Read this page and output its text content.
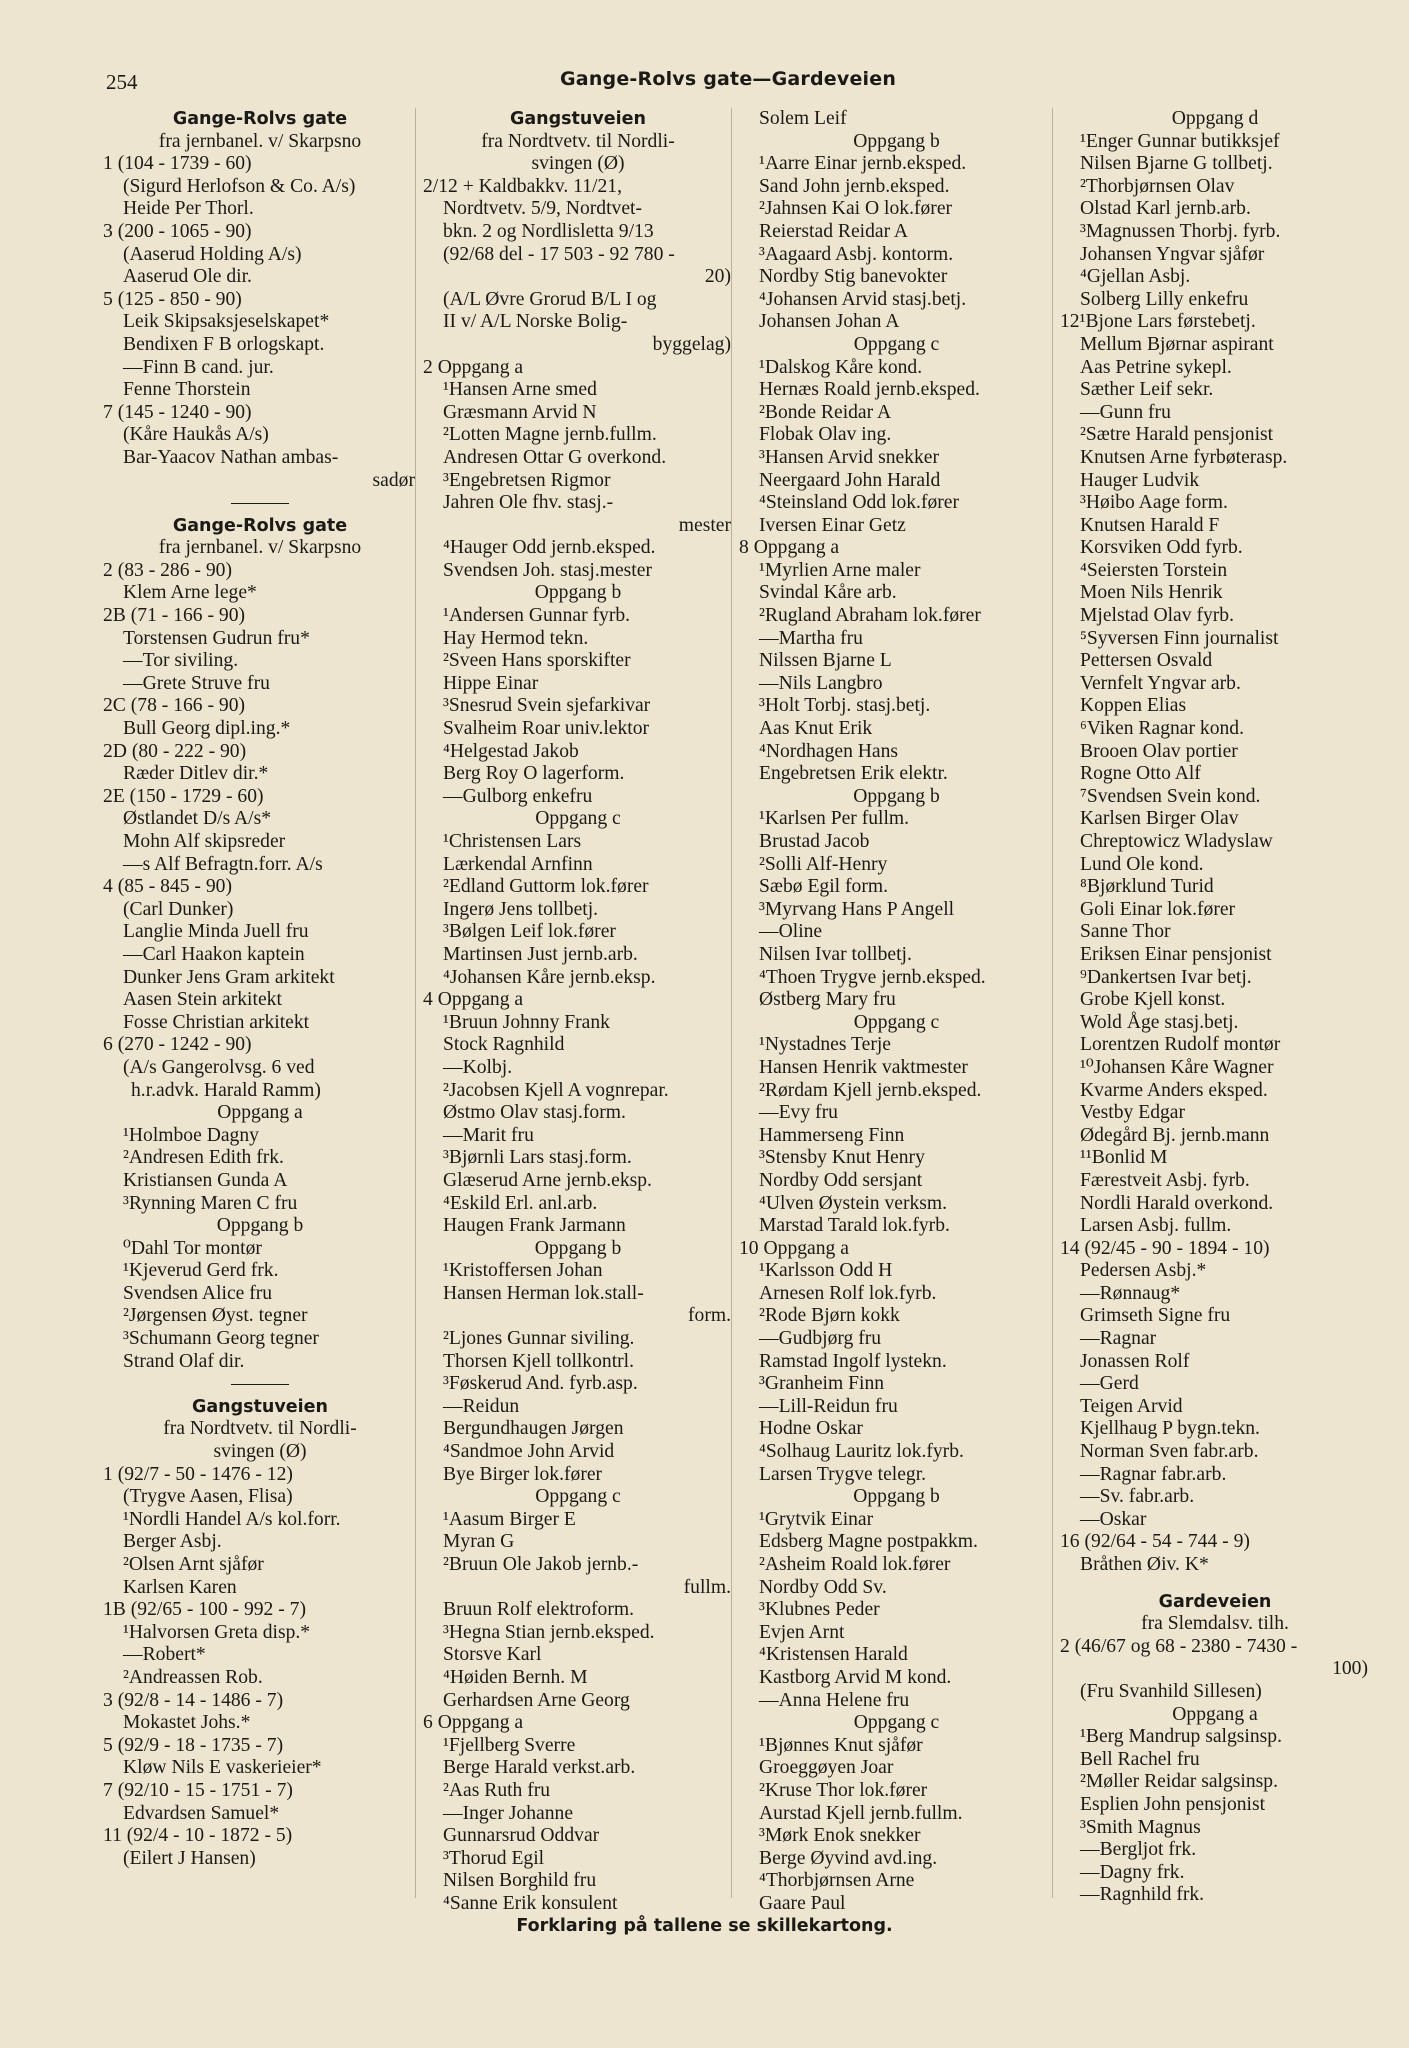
254	Gange-Rolvs gate—Gardeveien
Gange-Rolvs gate
fra jernbanel. v/ Skarpsno
1 (104 - 1739 - 60)
(Sigurd Herlofson & Co. A/s)
Heide Per Thorl.
3 (200 - 1065 - 90)
(Aaserud Holding A/s)
Aaserud Ole dir.
5 (125 - 850 - 90)
Leik Skipsaksjeselskapet*
Bendixen F B orlogskapt.
—Finn B cand. jur.
Fenne Thorstein
7 (145 - 1240 - 90)
(Kåre Haukås A/s)
Bar-Yaacov Nathan ambas-
sadør
Gange-Rolvs gate
fra jernbanel. v/ Skarpsno
2 (83 - 286 - 90)
Klem Arne lege*
2B (71 - 166 - 90)
Torstensen Gudrun fru*
—Tor siviling.
—Grete Struve fru
2C (78 - 166 - 90)
Bull Georg dipl.ing.*
2D (80 - 222 - 90)
Ræder Ditlev dir.*
2E (150 - 1729 - 60)
Østlandet D/s A/s*
Mohn Alf skipsreder
—s Alf Befragtn.forr. A/s
4 (85 - 845 - 90)
(Carl Dunker)
Langlie Minda Juell fru
—Carl Haakon kaptein
Dunker Jens Gram arkitekt
Aasen Stein arkitekt
Fosse Christian arkitekt
6 (270 - 1242 - 90)
(A/s Gangerolvsg. 6 ved
h.r.advk. Harald Ramm)
Oppgang a
¹Holmboe Dagny
²Andresen Edith frk.
Kristiansen Gunda A
³Rynning Maren C fru
Oppgang b
⁰Dahl Tor montør
¹Kjeverud Gerd frk.
Svendsen Alice fru
²Jørgensen Øyst. tegner
³Schumann Georg tegner
Strand Olaf dir.
Gangstuveien
fra Nordtvetv. til Nordli-
svingen (Ø)
1 (92/7 - 50 - 1476 - 12)
(Trygve Aasen, Flisa)
¹Nordli Handel A/s kol.forr.
Berger Asbj.
²Olsen Arnt sjåfør
Karlsen Karen
1B (92/65 - 100 - 992 - 7)
¹Halvorsen Greta disp.*
—Robert*
²Andreassen Rob.
3 (92/8 - 14 - 1486 - 7)
Mokastet Johs.*
5 (92/9 - 18 - 1735 - 7)
Kløw Nils E vaskerieier*
7 (92/10 - 15 - 1751 - 7)
Edvardsen Samuel*
11 (92/4 - 10 - 1872 - 5)
(Eilert J Hansen)
Gangstuveien
fra Nordtvetv. til Nordli-
svingen (Ø)
2/12 + Kaldbakkv. 11/21,
Nordtvetv. 5/9, Nordtvet-
bkn. 2 og Nordlisletta 9/13
(92/68 del - 17 503 - 92 780 -
20)
(A/L Øvre Grorud B/L I og
II v/ A/L Norske Bolig-
byggelag)
2 Oppgang a
¹Hansen Arne smed
Græsmann Arvid N
²Lotten Magne jernb.fullm.
Andresen Ottar G overkond.
³Engebretsen Rigmor
Jahren Ole fhv. stasj.-
mester
⁴Hauger Odd jernb.eksped.
Svendsen Joh. stasj.mester
Oppgang b
¹Andersen Gunnar fyrb.
Hay Hermod tekn.
²Sveen Hans sporskifter
Hippe Einar
³Snesrud Svein sjefarkivar
Svalheim Roar univ.lektor
⁴Helgestad Jakob
Berg Roy O lagerform.
—Gulborg enkefru
Oppgang c
¹Christensen Lars
Lærkendal Arnfinn
²Edland Guttorm lok.fører
Ingerø Jens tollbetj.
³Bølgen Leif lok.fører
Martinsen Just jernb.arb.
⁴Johansen Kåre jernb.eksp.
4 Oppgang a
¹Bruun Johnny Frank
Stock Ragnhild
—Kolbj.
²Jacobsen Kjell A vognrepar.
Østmo Olav stasj.form.
—Marit fru
³Bjørnli Lars stasj.form.
Glæserud Arne jernb.eksp.
⁴Eskild Erl. anl.arb.
Haugen Frank Jarmann
Oppgang b
¹Kristoffersen Johan
Hansen Herman lok.stall-
form.
²Ljones Gunnar siviling.
Thorsen Kjell tollkontrl.
³Føskerud And. fyrb.asp.
—Reidun
Bergundhaugen Jørgen
⁴Sandmoe John Arvid
Bye Birger lok.fører
Oppgang c
¹Aasum Birger E
Myran G
²Bruun Ole Jakob jernb.-
fullm.
Bruun Rolf elektroform.
³Hegna Stian jernb.eksped.
Storsve Karl
⁴Høiden Bernh. M
Gerhardsen Arne Georg
6 Oppgang a
¹Fjellberg Sverre
Berge Harald verkst.arb.
²Aas Ruth fru
—Inger Johanne
Gunnarsrud Oddvar
³Thorud Egil
Nilsen Borghild fru
⁴Sanne Erik konsulent
Solem Leif
Oppgang b
¹Aarre Einar jernb.eksped.
Sand John jernb.eksped.
²Jahnsen Kai O lok.fører
Reierstad Reidar A
³Aagaard Asbj. kontorm.
Nordby Stig banevokter
⁴Johansen Arvid stasj.betj.
Johansen Johan A
Oppgang c
¹Dalskog Kåre kond.
Hernæs Roald jernb.eksped.
²Bonde Reidar A
Flobak Olav ing.
³Hansen Arvid snekker
Neergaard John Harald
⁴Steinsland Odd lok.fører
Iversen Einar Getz
8 Oppgang a
¹Myrlien Arne maler
Svindal Kåre arb.
²Rugland Abraham lok.fører
—Martha fru
Nilssen Bjarne L
—Nils Langbro
³Holt Torbj. stasj.betj.
Aas Knut Erik
⁴Nordhagen Hans
Engebretsen Erik elektr.
Oppgang b
¹Karlsen Per fullm.
Brustad Jacob
²Solli Alf-Henry
Sæbø Egil form.
³Myrvang Hans P Angell
—Oline
Nilsen Ivar tollbetj.
⁴Thoen Trygve jernb.eksped.
Østberg Mary fru
Oppgang c
¹Nystadnes Terje
Hansen Henrik vaktmester
²Rørdam Kjell jernb.eksped.
—Evy fru
Hammerseng Finn
³Stensby Knut Henry
Nordby Odd sersjant
⁴Ulven Øystein verksm.
Marstad Tarald lok.fyrb.
10 Oppgang a
¹Karlsson Odd H
Arnesen Rolf lok.fyrb.
²Rode Bjørn kokk
—Gudbjørg fru
Ramstad Ingolf lystekn.
³Granheim Finn
—Lill-Reidun fru
Hodne Oskar
⁴Solhaug Lauritz lok.fyrb.
Larsen Trygve telegr.
Oppgang b
¹Grytvik Einar
Edsberg Magne postpakkm.
²Asheim Roald lok.fører
Nordby Odd Sv.
³Klubnes Peder
Evjen Arnt
⁴Kristensen Harald
Kastborg Arvid M kond.
—Anna Helene fru
Oppgang c
¹Bjønnes Knut sjåfør
Groeggøyen Joar
²Kruse Thor lok.fører
Aurstad Kjell jernb.fullm.
³Mørk Enok snekker
Berge Øyvind avd.ing.
⁴Thorbjørnsen Arne
Gaare Paul
Oppgang d
¹Enger Gunnar butikksjef
Nilsen Bjarne G tollbetj.
²Thorbjørnsen Olav
Olstad Karl jernb.arb.
³Magnussen Thorbj. fyrb.
Johansen Yngvar sjåfør
⁴Gjellan Asbj.
Solberg Lilly enkefru
12¹Bjone Lars førstebetj.
Mellum Bjørnar aspirant
Aas Petrine sykepl.
Sæther Leif sekr.
—Gunn fru
²Sætre Harald pensjonist
Knutsen Arne fyrbøterasp.
Hauger Ludvik
³Høibo Aage form.
Knutsen Harald F
Korsviken Odd fyrb.
⁴Seiersten Torstein
Moen Nils Henrik
Mjelstad Olav fyrb.
⁵Syversen Finn journalist
Pettersen Osvald
Vernfelt Yngvar arb.
Koppen Elias
⁶Viken Ragnar kond.
Brooen Olav portier
Rogne Otto Alf
⁷Svendsen Svein kond.
Karlsen Birger Olav
Chreptowicz Wladyslaw
Lund Ole kond.
⁸Bjørklund Turid
Goli Einar lok.fører
Sanne Thor
Eriksen Einar pensjonist
⁹Dankertsen Ivar betj.
Grobe Kjell konst.
Wold Åge stasj.betj.
Lorentzen Rudolf montør
¹⁰Johansen Kåre Wagner
Kvarme Anders eksped.
Vestby Edgar
Ødegård Bj. jernb.mann
¹¹Bonlid M
Færestveit Asbj. fyrb.
Nordli Harald overkond.
Larsen Asbj. fullm.
14 (92/45 - 90 - 1894 - 10)
Pedersen Asbj.*
—Rønnaug*
Grimseth Signe fru
—Ragnar
Jonassen Rolf
—Gerd
Teigen Arvid
Kjellhaug P bygn.tekn.
Norman Sven fabr.arb.
—Ragnar fabr.arb.
—Sv. fabr.arb.
—Oskar
16 (92/64 - 54 - 744 - 9)
Bråthen Øiv. K*
Gardeveien
fra Slemdalsv. tilh.
2 (46/67 og 68 - 2380 - 7430 -
100)
(Fru Svanhild Sillesen)
Oppgang a
¹Berg Mandrup salgsinsp.
Bell Rachel fru
²Møller Reidar salgsinsp.
Esplien John pensjonist
³Smith Magnus
—Bergljot frk.
—Dagny frk.
—Ragnhild frk.
Forklaring på tallene se skillekartong.
